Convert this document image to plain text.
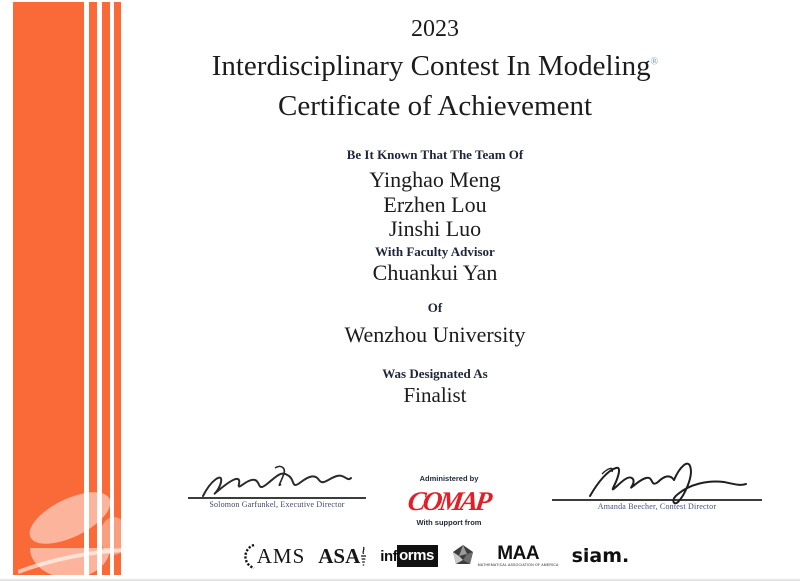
2023
Interdisciplinary Contest In Modeling®
Certificate of Achievement
Be It Known That The Team Of
Yinghao Meng
Erzhen Lou
Jinshi Luo
With Faculty Advisor
Chuankui Yan
Of
Wenzhou University
Was Designated As
Finalist
Solomon Garfunkel, Executive Director
Administered by
COMAP
With support from
Amanda Beecher, Contest Director
AMS ASA inf orms	MAA
MATHEMATICAL ASSOCIATION OF AMERICA siam.
